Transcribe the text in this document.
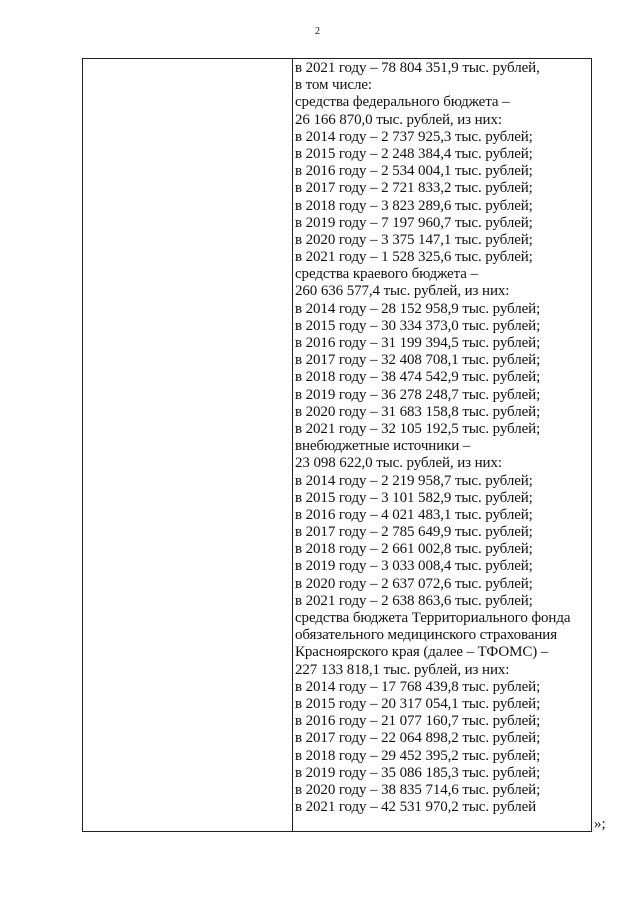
2
в 2021 году – 78 804 351,9 тыс. рублей,
в том числе:
средства федерального бюджета –
26 166 870,0 тыс. рублей, из них:
в 2014 году – 2 737 925,3 тыс. рублей;
в 2015 году – 2 248 384,4 тыс. рублей;
в 2016 году – 2 534 004,1 тыс. рублей;
в 2017 году – 2 721 833,2 тыс. рублей;
в 2018 году – 3 823 289,6 тыс. рублей;
в 2019 году – 7 197 960,7 тыс. рублей;
в 2020 году – 3 375 147,1 тыс. рублей;
в 2021 году – 1 528 325,6 тыс. рублей;
средства краевого бюджета –
260 636 577,4 тыс. рублей, из них:
в 2014 году – 28 152 958,9 тыс. рублей;
в 2015 году – 30 334 373,0 тыс. рублей;
в 2016 году – 31 199 394,5 тыс. рублей;
в 2017 году – 32 408 708,1 тыс. рублей;
в 2018 году – 38 474 542,9 тыс. рублей;
в 2019 году – 36 278 248,7 тыс. рублей;
в 2020 году – 31 683 158,8 тыс. рублей;
в 2021 году – 32 105 192,5 тыс. рублей;
внебюджетные источники –
23 098 622,0 тыс. рублей, из них:
в 2014 году – 2 219 958,7 тыс. рублей;
в 2015 году – 3 101 582,9 тыс. рублей;
в 2016 году – 4 021 483,1 тыс. рублей;
в 2017 году – 2 785 649,9 тыс. рублей;
в 2018 году – 2 661 002,8 тыс. рублей;
в 2019 году – 3 033 008,4 тыс. рублей;
в 2020 году – 2 637 072,6 тыс. рублей;
в 2021 году – 2 638 863,6 тыс. рублей;
средства бюджета Территориального фонда
обязательного медицинского страхования
Красноярского края (далее – ТФОМС) –
227 133 818,1 тыс. рублей, из них:
в 2014 году – 17 768 439,8 тыс. рублей;
в 2015 году – 20 317 054,1 тыс. рублей;
в 2016 году – 21 077 160,7 тыс. рублей;
в 2017 году – 22 064 898,2 тыс. рублей;
в 2018 году – 29 452 395,2 тыс. рублей;
в 2019 году – 35 086 185,3 тыс. рублей;
в 2020 году – 38 835 714,6 тыс. рублей;
в 2021 году – 42 531 970,2 тыс. рублей
»;
